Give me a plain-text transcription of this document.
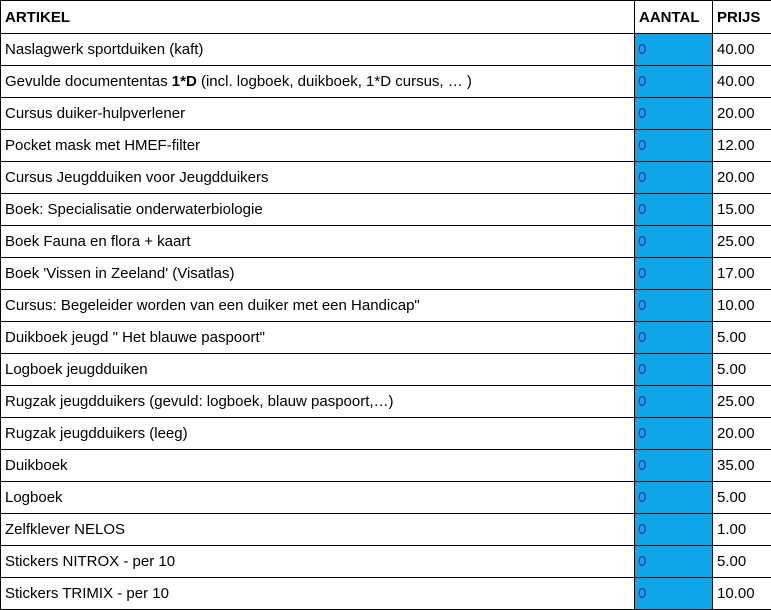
ARTIKEL	AANTAL	PRIJS
Naslagwerk sportduiken (kaft)	0	40.00
Gevulde documententas 1*D (incl. logboek, duikboek, 1*D cursus, … )	0	40.00
Cursus duiker-hulpverlener	0	20.00
Pocket mask met HMEF-filter	0	12.00
Cursus Jeugdduiken voor Jeugdduikers	0	20.00
Boek: Specialisatie onderwaterbiologie	0	15.00
Boek Fauna en flora + kaart	0	25.00
Boek 'Vissen in Zeeland' (Visatlas)	0	17.00
Cursus: Begeleider worden van een duiker met een Handicap"	0	10.00
Duikboek jeugd " Het blauwe paspoort"	0	5.00
Logboek jeugdduiken	0	5.00
Rugzak jeugdduikers (gevuld: logboek, blauw paspoort,…)	0	25.00
Rugzak jeugdduikers (leeg)	0	20.00
Duikboek	0	35.00
Logboek	0	5.00
Zelfklever NELOS	0	1.00
Stickers NITROX - per 10	0	5.00
Stickers TRIMIX - per 10	0	10.00
